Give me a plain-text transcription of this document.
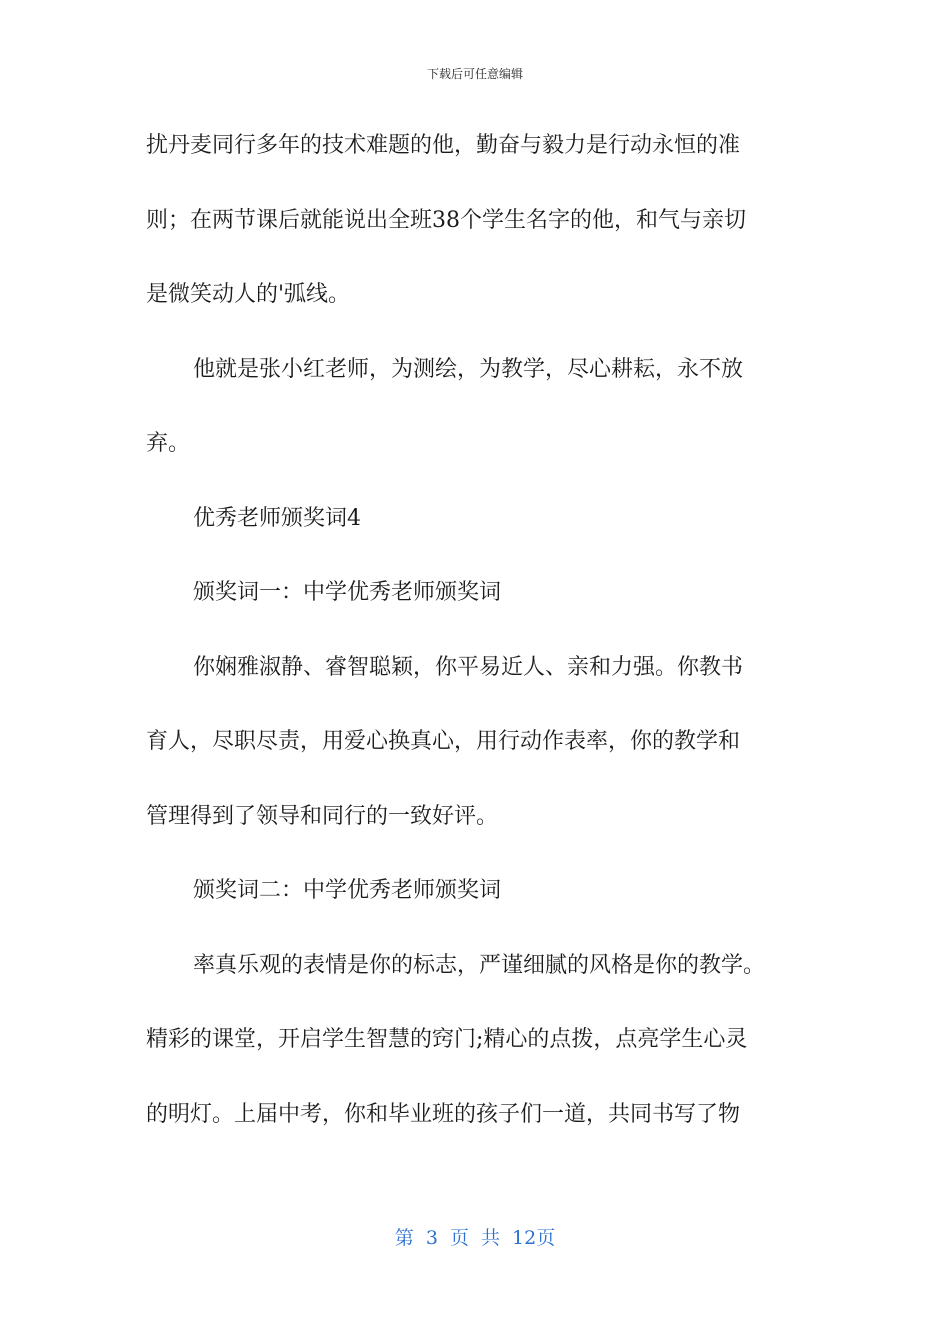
下载后可任意编辑
扰丹麦同行多年的技术难题的他，勤奋与毅力是行动永恒的准
则；在两节课后就能说出全班38个学生名字的他，和气与亲切
是微笑动人的'弧线。
他就是张小红老师，为测绘，为教学，尽心耕耘，永不放
弃。
优秀老师颁奖词4
颁奖词一：中学优秀老师颁奖词
你娴雅淑静、睿智聪颖，你平易近人、亲和力强。你教书
育人，尽职尽责，用爱心换真心，用行动作表率，你的教学和
管理得到了领导和同行的一致好评。
颁奖词二：中学优秀老师颁奖词
率真乐观的表情是你的标志，严谨细腻的风格是你的教学。
精彩的课堂，开启学生智慧的窍门;精心的点拨，点亮学生心灵
的明灯。上届中考，你和毕业班的孩子们一道，共同书写了物
第 3 页 共 12页
